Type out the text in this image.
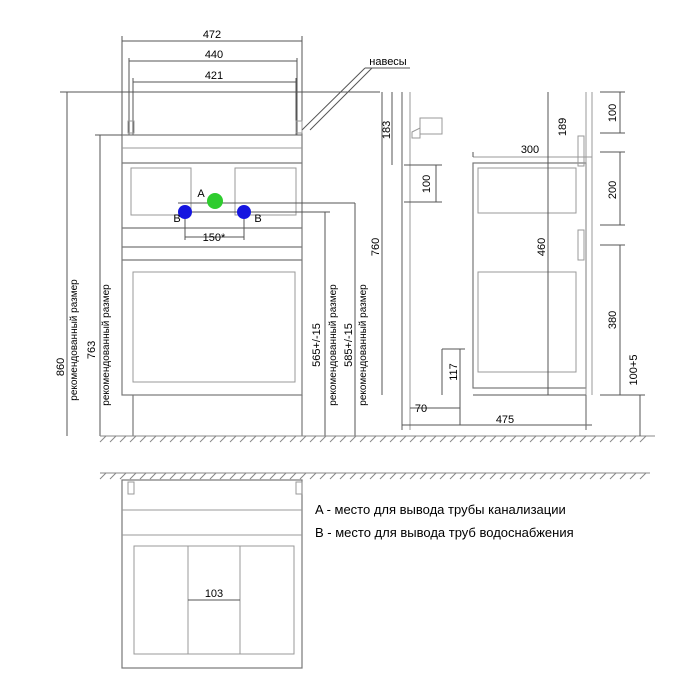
472
440
421
навесы
A
B	B
150*
860 рекомендованный размер 763 рекомендованный размер	565+/-15 рекомендованный размер 585+/-15 рекомендованный размер
760
183
100
70
300
189
100
200
460
380
117	100+5
475
103
A - место для вывода трубы канализации
B - место для вывода труб водоснабжения
